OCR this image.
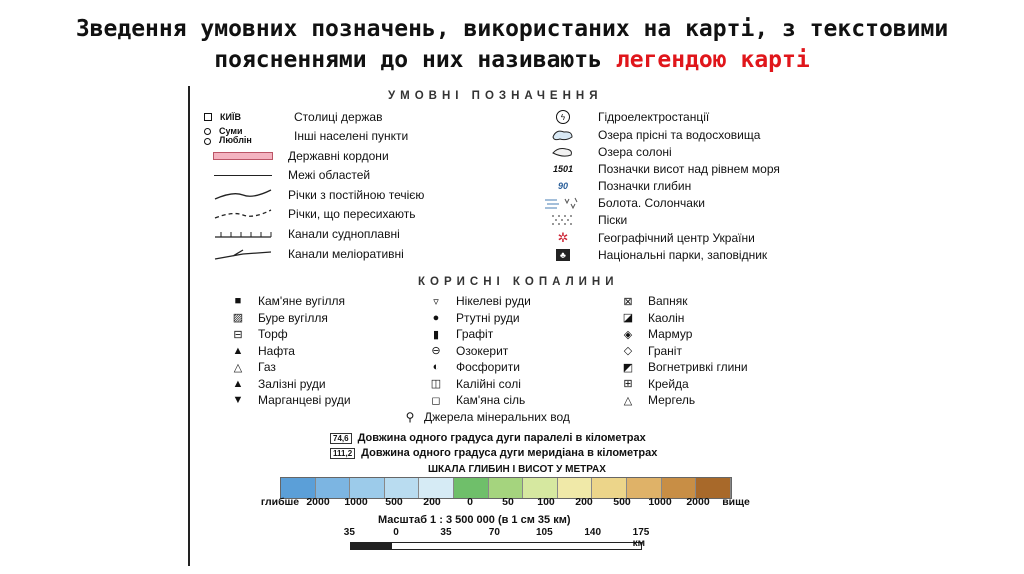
Зведення умовних позначень, використаних на карті, з текстовими
поясненнями до них називають легендою карті
УМОВНІ ПОЗНАЧЕННЯ
КИЇВ	Столиці держав
Суми
Люблін	Інші населені пункти
Державні кордони
Межі областей
Річки з постійною течією
Річки, що пересихають
Канали судноплавні
Канали меліоративні
ϟ	Гідроелектростанції
Озера прісні та водосховища
Озера солоні
1501 Позначки висот над рівнем моря
90	Позначки глибин
Болота. Солончаки
Піски
✲ Географічний центр України
♣	Національні парки, заповідник
КОРИСНІ КОПАЛИНИ
■	Кам'яне вугілля
▨	Буре вугілля
⊟	Торф
▲	Нафта
△	Газ
▲	Залізні руди
▼	Марганцеві руди
▿	Нікелеві руди
●	Ртутні руди
▮	Графіт
⊖	Озокерит
◐	Фосфорити
◫	Калійні солі
◻	Кам'яна сіль
⊠	Вапняк
◪	Каолін
◈	Мармур
◇	Граніт
◩	Вогнетривкі глини
⊞	Крейда
△	Мергель
⚲ Джерела мінеральних вод
74,6 Довжина одного градуса дуги паралелі в кілометрах
111,2 Довжина одного градуса дуги меридіана в кілометрах
ШКАЛА ГЛИБИН І ВИСОТ У МЕТРАХ
глибше 2000 1000 500 200	0	50 100 200 500 1000 2000 вище
Масштаб 1 : 3 500 000 (в 1 см 35 км)
35	0	35	70	105	140	175 км
